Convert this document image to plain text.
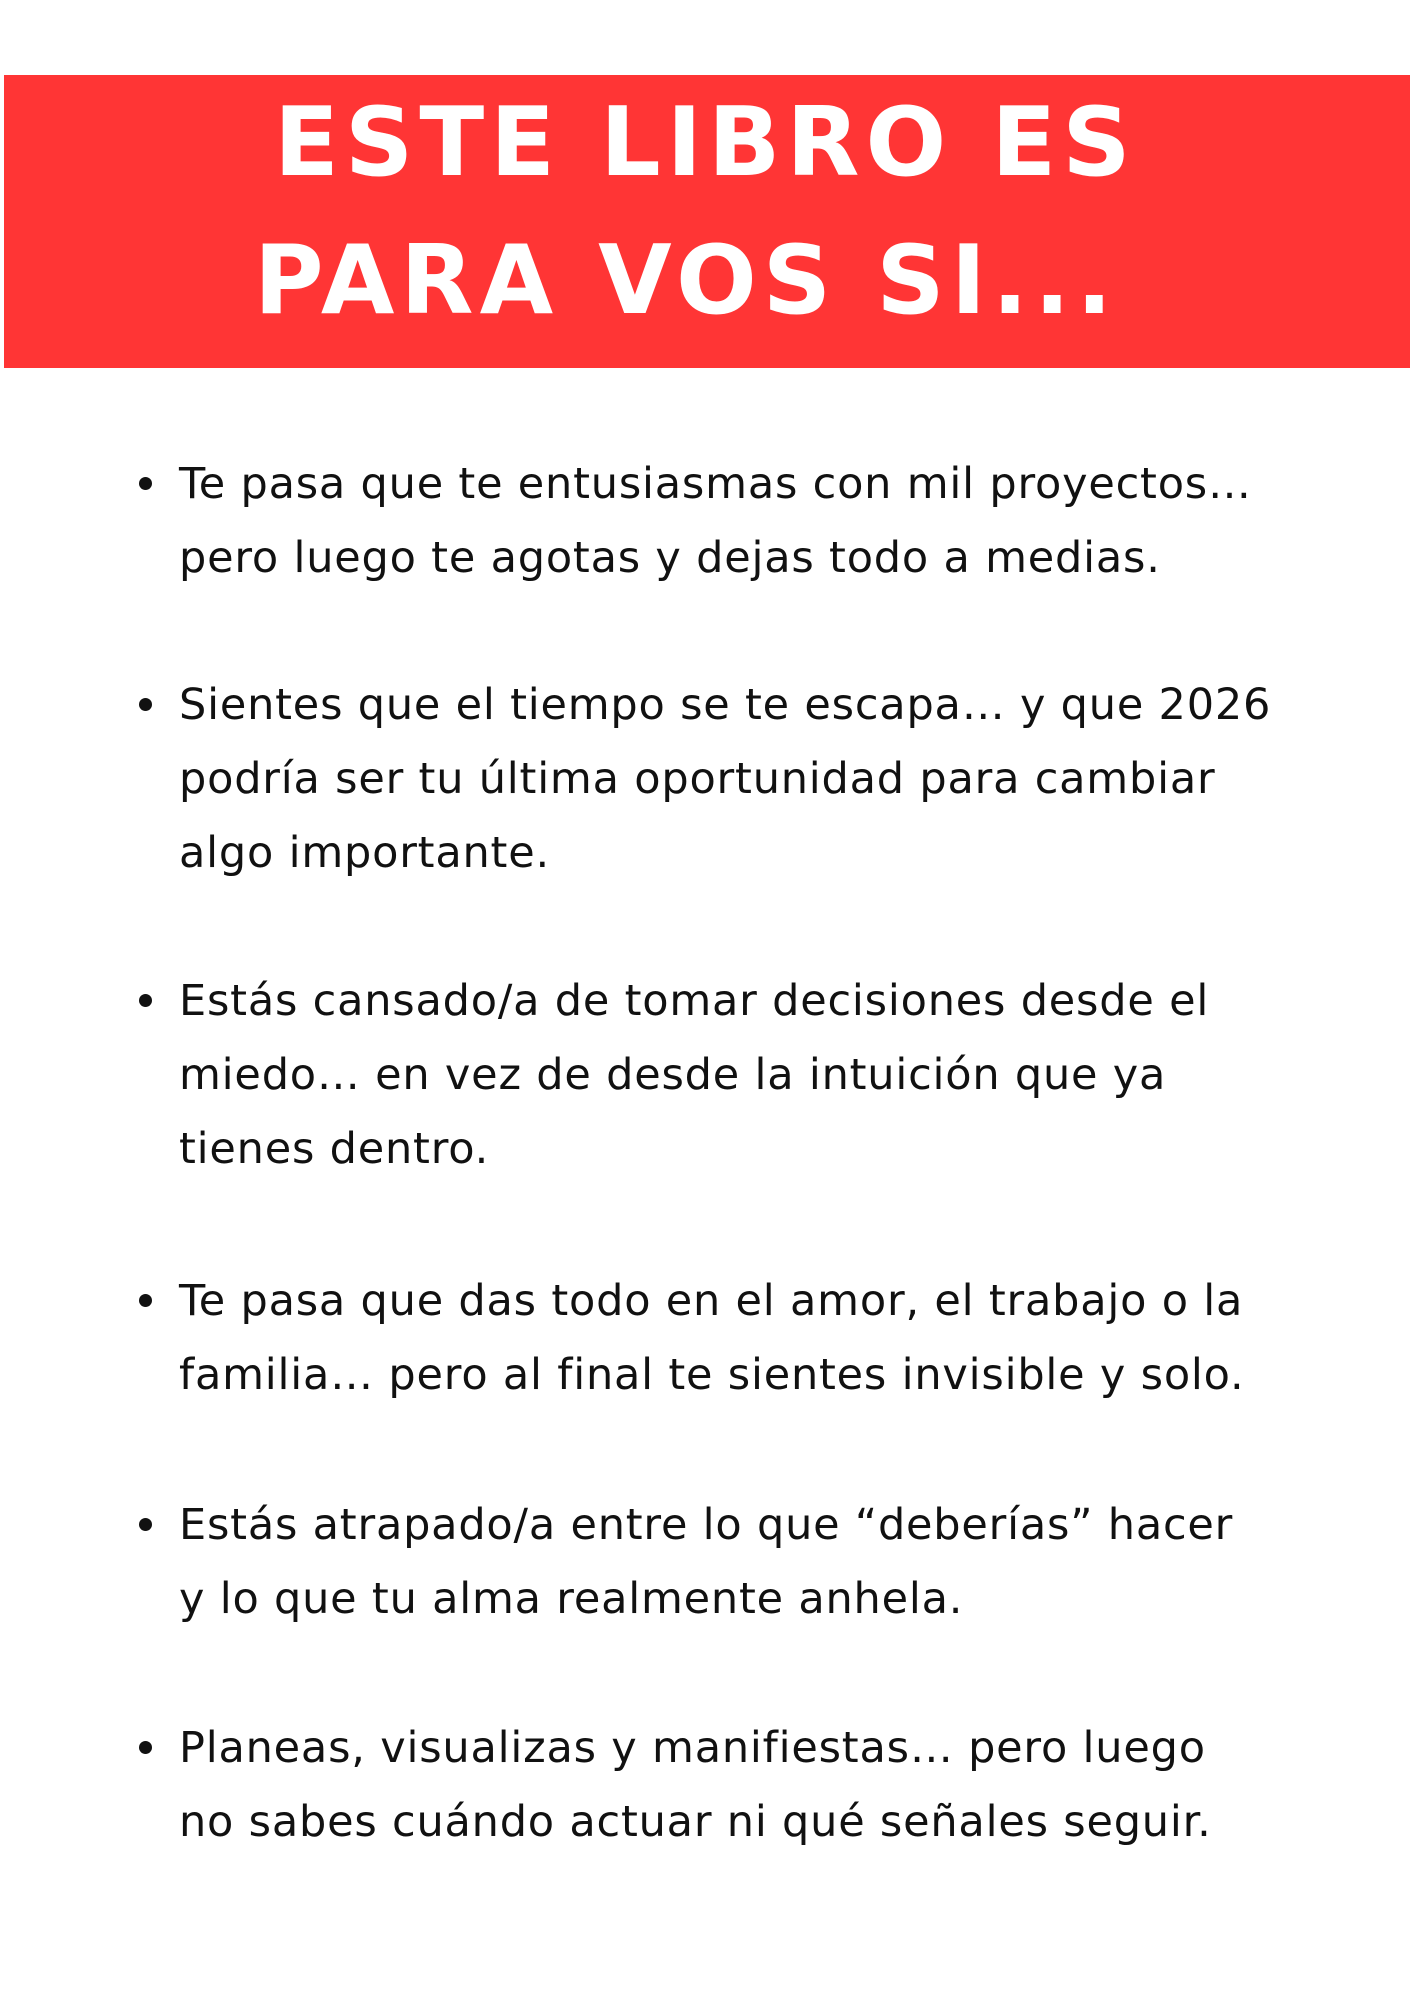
ESTE LIBRO ES
PARA VOS SI...

Te pasa que te entusiasmas con mil proyectos…
pero luego te agotas y dejas todo a medias.

Sientes que el tiempo se te escapa… y que 2026
podría ser tu última oportunidad para cambiar
algo importante.

Estás cansado/a de tomar decisiones desde el
miedo… en vez de desde la intuición que ya
tienes dentro.

Te pasa que das todo en el amor, el trabajo o la
familia… pero al final te sientes invisible y solo.

Estás atrapado/a entre lo que “deberías” hacer
y lo que tu alma realmente anhela.

Planeas, visualizas y manifiestas… pero luego
no sabes cuándo actuar ni qué señales seguir.
